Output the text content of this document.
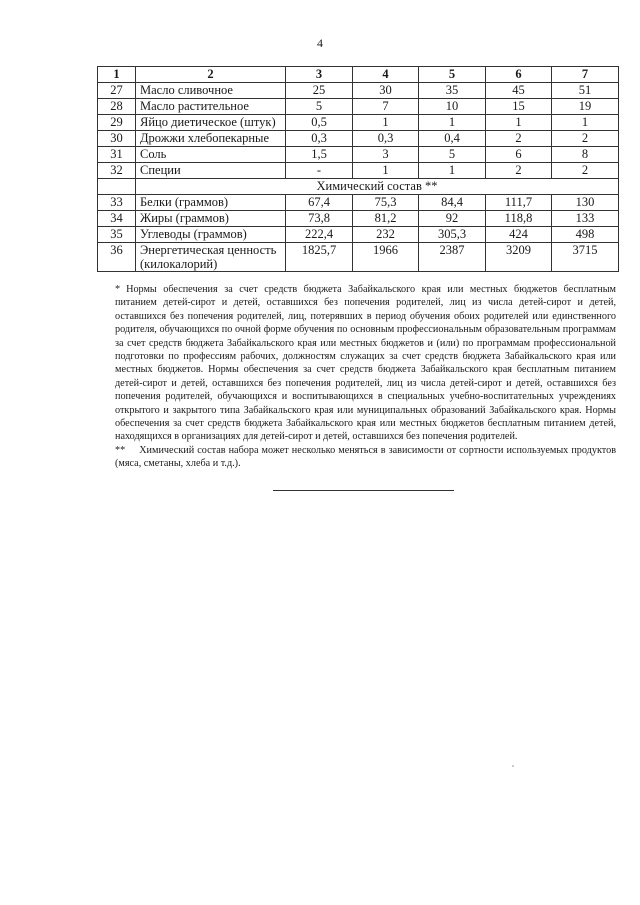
4
1	2	3	4	5	6	7
27	Масло сливочное	25	30	35	45	51
28	Масло растительное	5	7	10	15	19
29	Яйцо диетическое (штук)	0,5	1	1	1	1
30	Дрожжи хлебопекарные	0,3	0,3	0,4	2	2
31	Соль	1,5	3	5	6	8
32	Специи	-	1	1	2	2
	Химический состав **					
33	Белки (граммов)	67,4	75,3	84,4	111,7	130
34	Жиры (граммов)	73,8	81,2	92	118,8	133
35	Углеводы (граммов)	222,4	232	305,3	424	498
36	Энергетическая ценность (килокалорий)	1825,7	1966	2387	3209	3715

* Нормы обеспечения за счет средств бюджета Забайкальского края или местных бюджетов бесплатным питанием детей-сирот и детей, оставшихся без попечения родителей, лиц из числа детей-сирот и детей, оставшихся без попечения родителей, лиц, потерявших в период обучения обоих родителей или единственного родителя, обучающихся по очной форме обучения по основным профессиональным образовательным программам за счет средств бюджета Забайкальского края или местных бюджетов и (или) по программам профессиональной подготовки по профессиям рабочих, должностям служащих за счет средств бюджета Забайкальского края или местных бюджетов. Нормы обеспечения за счет средств бюджета Забайкальского края бесплатным питанием детей-сирот и детей, оставшихся без попечения родителей, лиц из числа детей-сирот и детей, оставшихся без попечения родителей, обучающихся и воспитывающихся в специальных учебно-воспитательных учреждениях открытого и закрытого типа Забайкальского края или муниципальных образований Забайкальского края. Нормы обеспечения за счет средств бюджета Забайкальского края или местных бюджетов бесплатным питанием детей, находящихся в организациях для детей-сирот и детей, оставшихся без попечения родителей.

** Химический состав набора может несколько меняться в зависимости от сортности используемых продуктов (мяса, сметаны, хлеба и т.д.).
